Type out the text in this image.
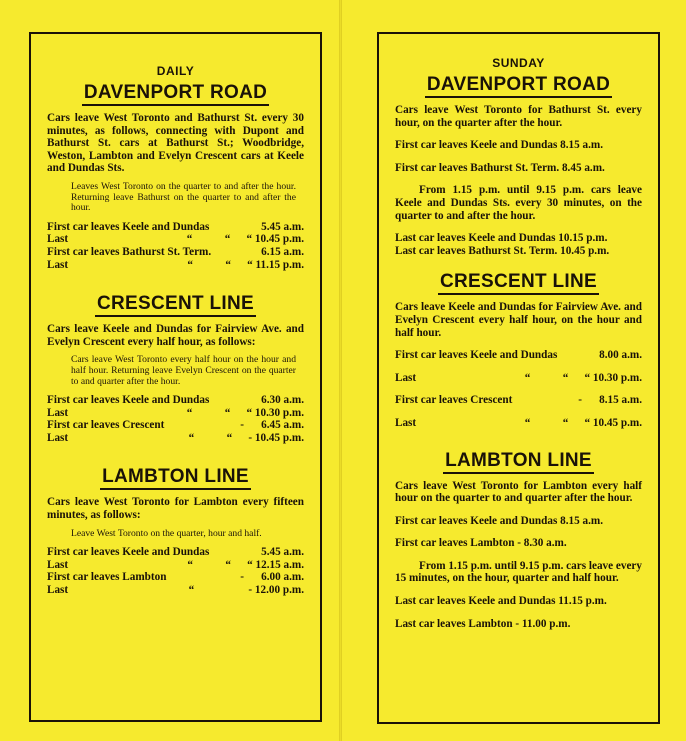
DAILY
DAVENPORT ROAD

Cars leave West Toronto and Bathurst St. every 30 minutes, as follows, connecting with Dupont and Bathurst St. cars at Bathurst St.; Woodbridge, Weston, Lambton and Evelyn Crescent cars at Keele and Dundas Sts.

Leaves West Toronto on the quarter to and after the hour. Returning leave Bathurst on the quarter to and after the hour.

First car leaves Keele and Dundas	5.45 a.m.
Last	“	“	“ 10.45 p.m.
First car leaves Bathurst St. Term.	6.15 a.m.
Last	“	“	“ 11.15 p.m.
CRESCENT LINE

Cars leave Keele and Dundas for Fairview Ave. and Evelyn Crescent every half hour, as follows:

Cars leave West Toronto every half hour on the hour and half hour. Returning leave Evelyn Crescent on the quarter to and quarter after the hour.

First car leaves Keele and Dundas	6.30 a.m.
Last	“	“	“ 10.30 p.m.
First car leaves Crescent	-	6.45 a.m.
Last	“	“	- 10.45 p.m.
LAMBTON LINE

Cars leave West Toronto for Lambton every fifteen minutes, as follows:

Leave West Toronto on the quarter, hour and half.

First car leaves Keele and Dundas	5.45 a.m.
Last	“	“	“ 12.15 a.m.
First car leaves Lambton	-	6.00 a.m.
Last	“	- 12.00 p.m.
SUNDAY
DAVENPORT ROAD

Cars leave West Toronto for Bathurst St. every hour, on the quarter after the hour.

First car leaves Keele and Dundas 8.15 a.m.

First car leaves Bathurst St. Term. 8.45 a.m.

From 1.15 p.m. until 9.15 p.m. cars leave Keele and Dundas Sts. every 30 minutes, on the quarter to and after the hour.

Last car leaves Keele and Dundas 10.15 p.m.

Last car leaves Bathurst St. Term. 10.45 p.m.

CRESCENT LINE

Cars leave Keele and Dundas for Fairview Ave. and Evelyn Crescent every half hour, on the hour and half hour.

First car leaves Keele and Dundas	8.00 a.m.
Last	“	“	“ 10.30 p.m.
First car leaves Crescent	-	8.15 a.m.
Last	“	“	“ 10.45 p.m.
LAMBTON LINE

Cars leave West Toronto for Lambton every half hour on the quarter to and quarter after the hour.

First car leaves Keele and Dundas 8.15 a.m.

First car leaves Lambton - 8.30 a.m.

From 1.15 p.m. until 9.15 p.m. cars leave every 15 minutes, on the hour, quarter and half hour.

Last car leaves Keele and Dundas 11.15 p.m.

Last car leaves Lambton - 11.00 p.m.
